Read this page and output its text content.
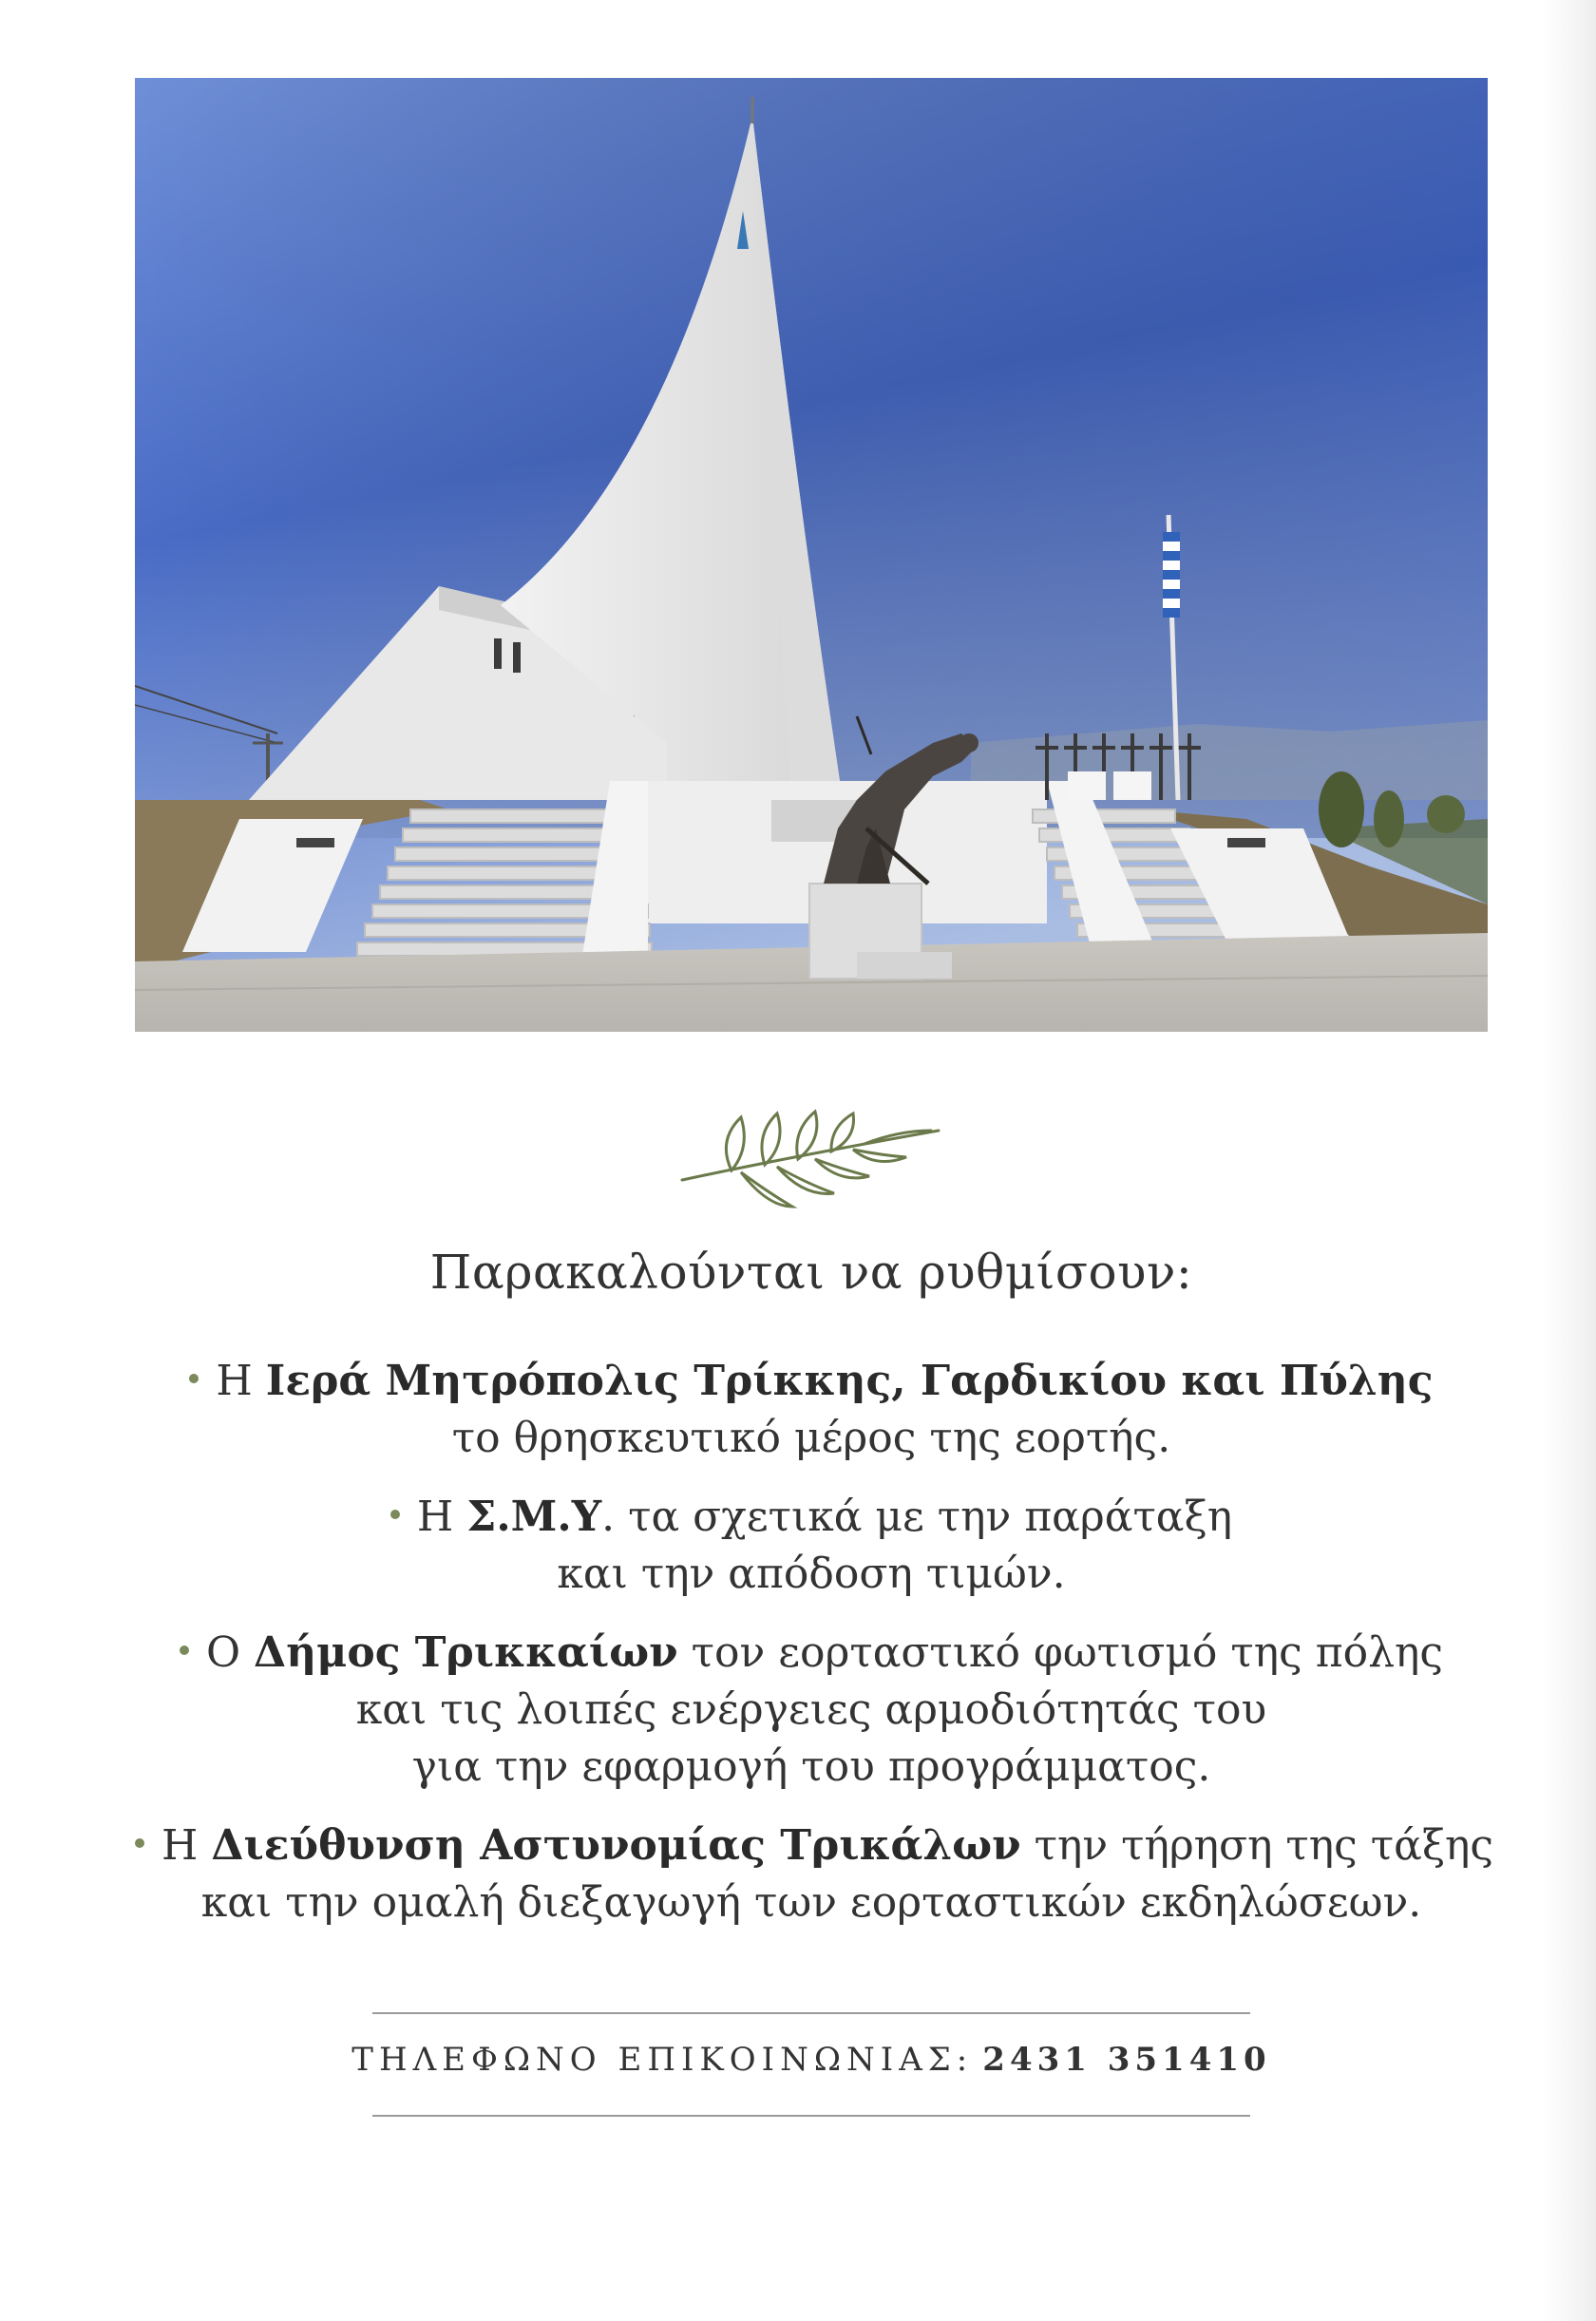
Παρακαλούνται να ρυθμίσουν:
Η Ιερά Μητρόπολις Τρίκκης, Γαρδικίου και Πύλης
το θρησκευτικό μέρος της εορτής.
Η Σ.Μ.Υ. τα σχετικά με την παράταξη
και την απόδοση τιμών.
Ο Δήμος Τρικκαίων τον εορταστικό φωτισμό της πόλης
και τις λοιπές ενέργειες αρμοδιότητάς του
για την εφαρμογή του προγράμματος.
Η Διεύθυνση Αστυνομίας Τρικάλων την τήρηση της τάξης
και την ομαλή διεξαγωγή των εορταστικών εκδηλώσεων.
ΤΗΛΕΦΩΝΟ ΕΠΙΚΟΙΝΩΝΙΑΣ: 2431 351410
